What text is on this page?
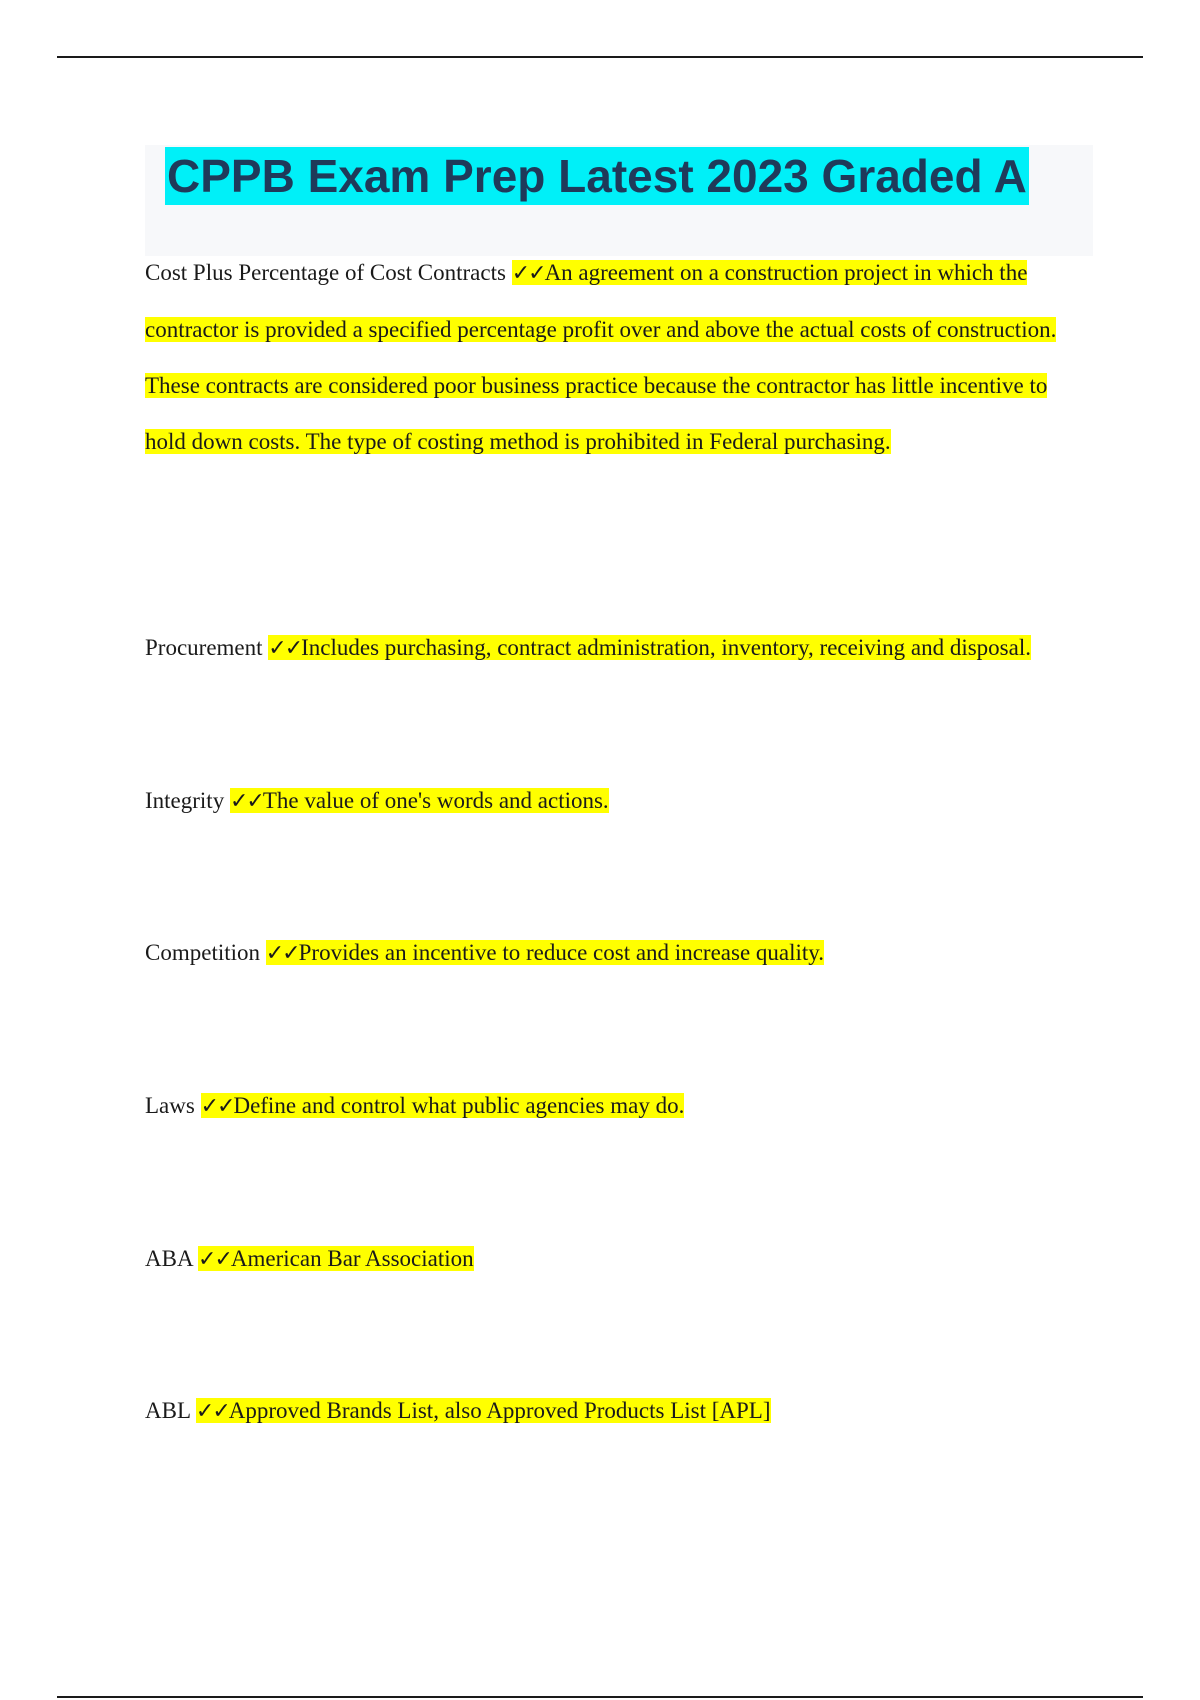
CPPB Exam Prep Latest 2023 Graded A

Cost Plus Percentage of Cost Contracts ✓✓An agreement on a construction project in which the contractor is provided a specified percentage profit over and above the actual costs of construction. These contracts are considered poor business practice because the contractor has little incentive to hold down costs. The type of costing method is prohibited in Federal purchasing.

Procurement ✓✓Includes purchasing, contract administration, inventory, receiving and disposal.

Integrity ✓✓The value of one's words and actions.

Competition ✓✓Provides an incentive to reduce cost and increase quality.

Laws ✓✓Define and control what public agencies may do.

ABA ✓✓American Bar Association

ABL ✓✓Approved Brands List, also Approved Products List [APL]
